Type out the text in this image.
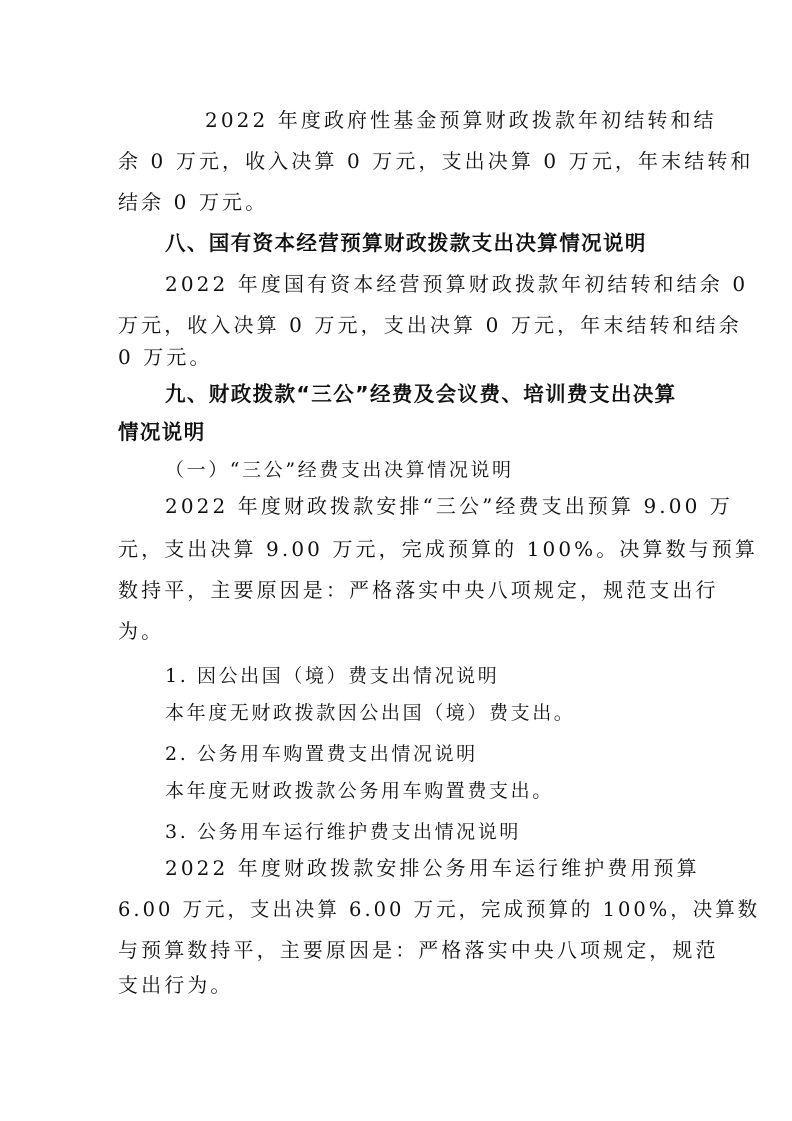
2022 年度政府性基金预算财政拨款年初结转和结

余 0 万元，收入决算 0 万元，支出决算 0 万元，年末结转和

结余 0 万元。

八、国有资本经营预算财政拨款支出决算情况说明

2022 年度国有资本经营预算财政拨款年初结转和结余 0

万元，收入决算 0 万元，支出决算 0 万元，年末结转和结余

0 万元。

九、财政拨款“三公”经费及会议费、培训费支出决算

情况说明

（一）“三公”经费支出决算情况说明

2022 年度财政拨款安排“三公”经费支出预算 9.00 万

元，支出决算 9.00 万元，完成预算的 100%。决算数与预算

数持平，主要原因是：严格落实中央八项规定，规范支出行

为。

1. 因公出国（境）费支出情况说明

本年度无财政拨款因公出国（境）费支出。

2. 公务用车购置费支出情况说明

本年度无财政拨款公务用车购置费支出。

3. 公务用车运行维护费支出情况说明

2022 年度财政拨款安排公务用车运行维护费用预算

6.00 万元，支出决算 6.00 万元，完成预算的 100%，决算数

与预算数持平，主要原因是：严格落实中央八项规定，规范

支出行为。
